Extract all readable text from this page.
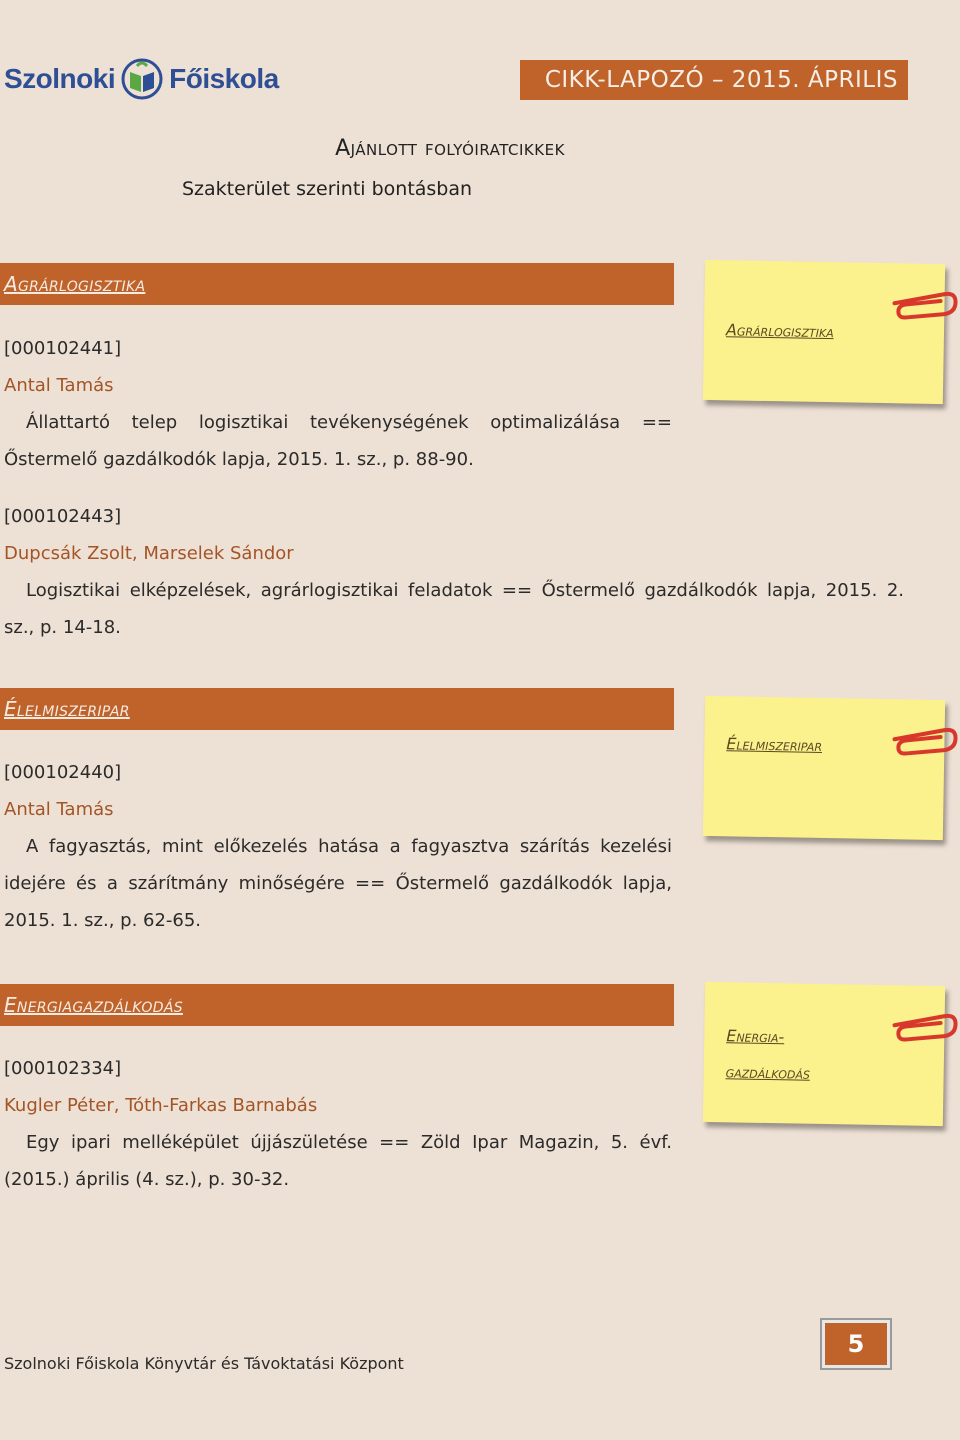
Szolnoki Főiskola	CIKK-LAPOZÓ – 2015. ÁPRILIS
Ajánlott folyóiratcikkek
Szakterület szerinti bontásban
Agrárlogisztika
Agrárlogisztika
[000102441]
Antal Tamás
Állattartó telep logisztikai tevékenységének optimalizálása == Őstermelő gazdálkodók lapja, 2015. 1. sz., p. 88-90.
[000102443]
Dupcsák Zsolt, Marselek Sándor
Logisztikai elképzelések, agrárlogisztikai feladatok == Őstermelő gazdálkodók lapja, 2015. 2. sz., p. 14-18.
Élelmiszeripar
Élelmiszeripar
[000102440]
Antal Tamás
A fagyasztás, mint előkezelés hatása a fagyasztva szárítás kezelési idejére és a szárítmány minőségére == Őstermelő gazdálkodók lapja, 2015. 1. sz., p. 62-65.
Energiagazdálkodás
Energia-
gazdálkodás
[000102334]
Kugler Péter, Tóth-Farkas Barnabás
Egy ipari melléképület újjászületése == Zöld Ipar Magazin, 5. évf. (2015.) április (4. sz.), p. 30-32.
Szolnoki Főiskola Könyvtár és Távoktatási Központ
5
